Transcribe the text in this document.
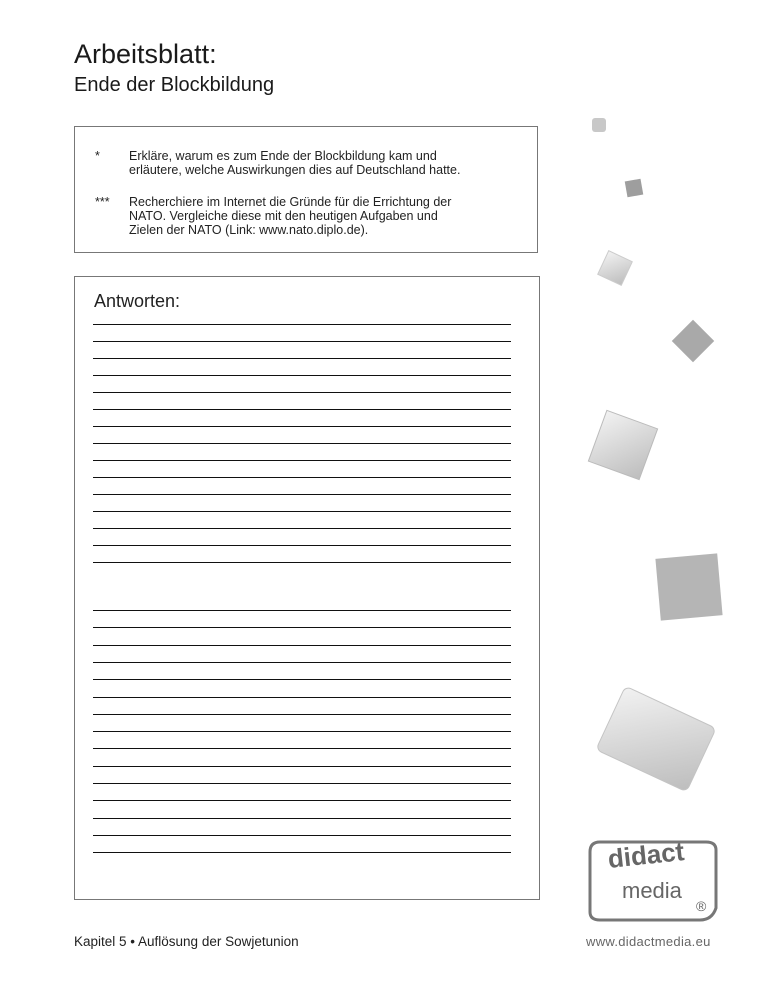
Arbeitsblatt:
Ende der Blockbildung
*	Erkläre, warum es zum Ende der Blockbildung kam und
erläutere, welche Auswirkungen dies auf Deutschland hatte.
***	Recherchiere im Internet die Gründe für die Errichtung der
NATO. Vergleiche diese mit den heutigen Aufgaben und
Zielen der NATO (Link: www.nato.diplo.de).
Antworten:
didact
media
®
Kapitel 5 • Auflösung der Sowjetunion	www.didactmedia.eu
